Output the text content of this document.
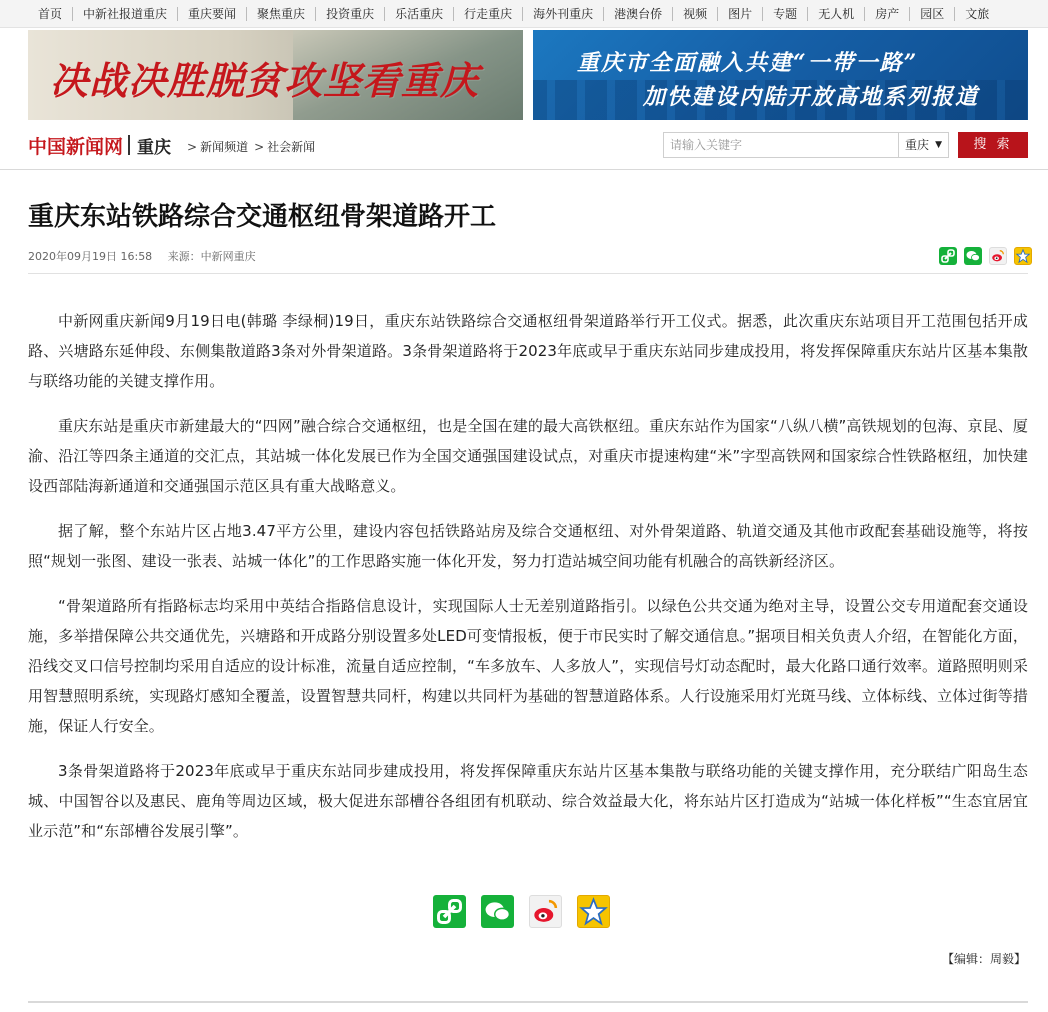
首页	中新社报道重庆	重庆要闻	聚焦重庆	投资重庆	乐活重庆	行走重庆	海外刊重庆	港澳台侨	视频	图片	专题	无人机	房产	园区	文旅
决战决胜脱贫攻坚看重庆	重庆市全面融入共建“一带一路”
加快建设内陆开放高地系列报道
中国新闻网 重庆 > 新闻频道 > 社会新闻	请输入关键字	重庆 ▼	搜 索
重庆东站铁路综合交通枢纽骨架道路开工
2020年09月19日 16:58 来源：中新网重庆

中新网重庆新闻9月19日电(韩璐 李绿桐)19日，重庆东站铁路综合交通枢纽骨架道路举行开工仪式。据悉，此次重庆东站项目开工范围包括开成路、兴塘路东延伸段、东侧集散道路3条对外骨架道路。3条骨架道路将于2023年底或早于重庆东站同步建成投用，将发挥保障重庆东站片区基本集散与联络功能的关键支撑作用。

重庆东站是重庆市新建最大的“四网”融合综合交通枢纽，也是全国在建的最大高铁枢纽。重庆东站作为国家“八纵八横”高铁规划的包海、京昆、厦渝、沿江等四条主通道的交汇点，其站城一体化发展已作为全国交通强国建设试点，对重庆市提速构建“米”字型高铁网和国家综合性铁路枢纽，加快建设西部陆海新通道和交通强国示范区具有重大战略意义。

据了解，整个东站片区占地3.47平方公里，建设内容包括铁路站房及综合交通枢纽、对外骨架道路、轨道交通及其他市政配套基础设施等，将按照“规划一张图、建设一张表、站城一体化”的工作思路实施一体化开发，努力打造站城空间功能有机融合的高铁新经济区。

“骨架道路所有指路标志均采用中英结合指路信息设计，实现国际人士无差别道路指引。以绿色公共交通为绝对主导，设置公交专用道配套交通设施，多举措保障公共交通优先，兴塘路和开成路分别设置多处LED可变情报板，便于市民实时了解交通信息。”据项目相关负责人介绍，在智能化方面，沿线交叉口信号控制均采用自适应的设计标准，流量自适应控制，“车多放车、人多放人”，实现信号灯动态配时，最大化路口通行效率。道路照明则采用智慧照明系统，实现路灯感知全覆盖，设置智慧共同杆，构建以共同杆为基础的智慧道路体系。人行设施采用灯光斑马线、立体标线、立体过街等措施，保证人行安全。

3条骨架道路将于2023年底或早于重庆东站同步建成投用，将发挥保障重庆东站片区基本集散与联络功能的关键支撑作用，充分联结广阳岛生态城、中国智谷以及惠民、鹿角等周边区域，极大促进东部槽谷各组团有机联动、综合效益最大化，将东站片区打造成为“站城一体化样板”“生态宜居宜业示范”和“东部槽谷发展引擎”。

【编辑：周毅】
